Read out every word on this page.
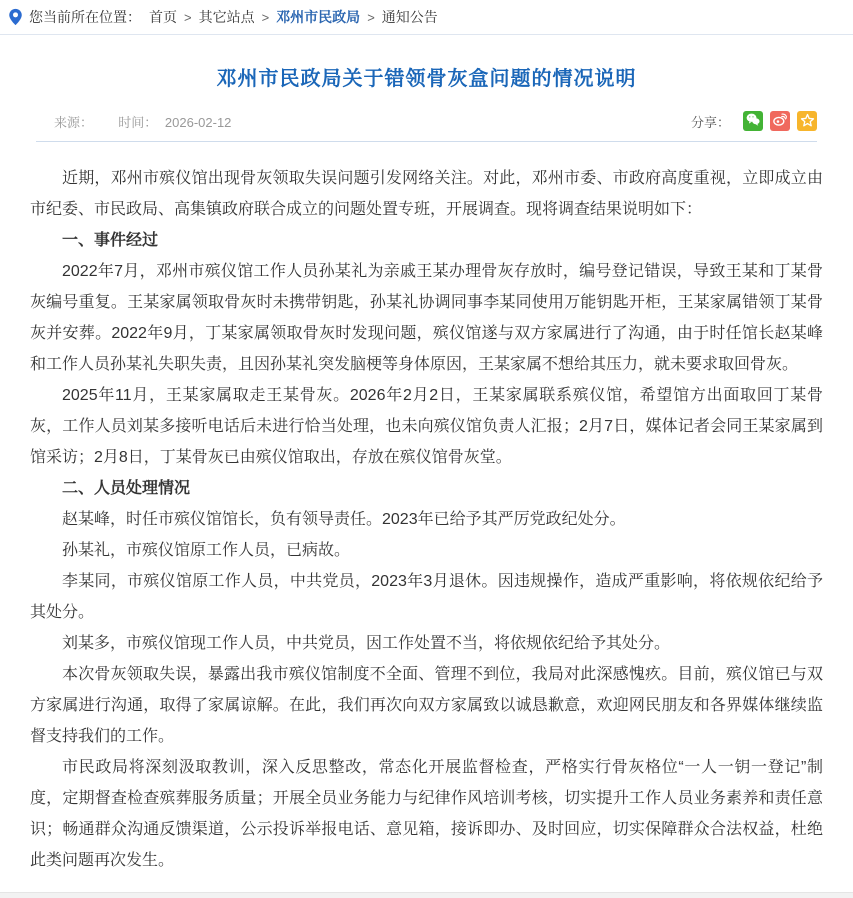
您当前所在位置： 首页 > 其它站点 > 邓州市民政局 > 通知公告
邓州市民政局关于错领骨灰盒问题的情况说明
来源： 时间： 2026-02-12	分享：

近期，邓州市殡仪馆出现骨灰领取失误问题引发网络关注。对此，邓州市委、市政府高度重视，立即成立由市纪委、市民政局、高集镇政府联合成立的问题处置专班，开展调查。现将调查结果说明如下：

一、事件经过

2022年7月，邓州市殡仪馆工作人员孙某礼为亲戚王某办理骨灰存放时，编号登记错误，导致王某和丁某骨灰编号重复。王某家属领取骨灰时未携带钥匙，孙某礼协调同事李某同使用万能钥匙开柜，王某家属错领丁某骨灰并安葬。2022年9月，丁某家属领取骨灰时发现问题，殡仪馆遂与双方家属进行了沟通，由于时任馆长赵某峰和工作人员孙某礼失职失责，且因孙某礼突发脑梗等身体原因，王某家属不想给其压力，就未要求取回骨灰。

2025年11月，王某家属取走王某骨灰。2026年2月2日，王某家属联系殡仪馆，希望馆方出面取回丁某骨灰，工作人员刘某多接听电话后未进行恰当处理，也未向殡仪馆负责人汇报；2月7日，媒体记者会同王某家属到馆采访；2月8日，丁某骨灰已由殡仪馆取出，存放在殡仪馆骨灰堂。

二、人员处理情况

赵某峰，时任市殡仪馆馆长，负有领导责任。2023年已给予其严厉党政纪处分。

孙某礼，市殡仪馆原工作人员，已病故。

李某同，市殡仪馆原工作人员，中共党员，2023年3月退休。因违规操作，造成严重影响，将依规依纪给予其处分。

刘某多，市殡仪馆现工作人员，中共党员，因工作处置不当，将依规依纪给予其处分。

本次骨灰领取失误，暴露出我市殡仪馆制度不全面、管理不到位，我局对此深感愧疚。目前，殡仪馆已与双方家属进行沟通，取得了家属谅解。在此，我们再次向双方家属致以诚恳歉意，欢迎网民朋友和各界媒体继续监督支持我们的工作。

市民政局将深刻汲取教训，深入反思整改，常态化开展监督检查，严格实行骨灰格位“一人一钥一登记”制度，定期督查检查殡葬服务质量；开展全员业务能力与纪律作风培训考核，切实提升工作人员业务素养和责任意识；畅通群众沟通反馈渠道，公示投诉举报电话、意见箱，接诉即办、及时回应，切实保障群众合法权益，杜绝此类问题再次发生。
